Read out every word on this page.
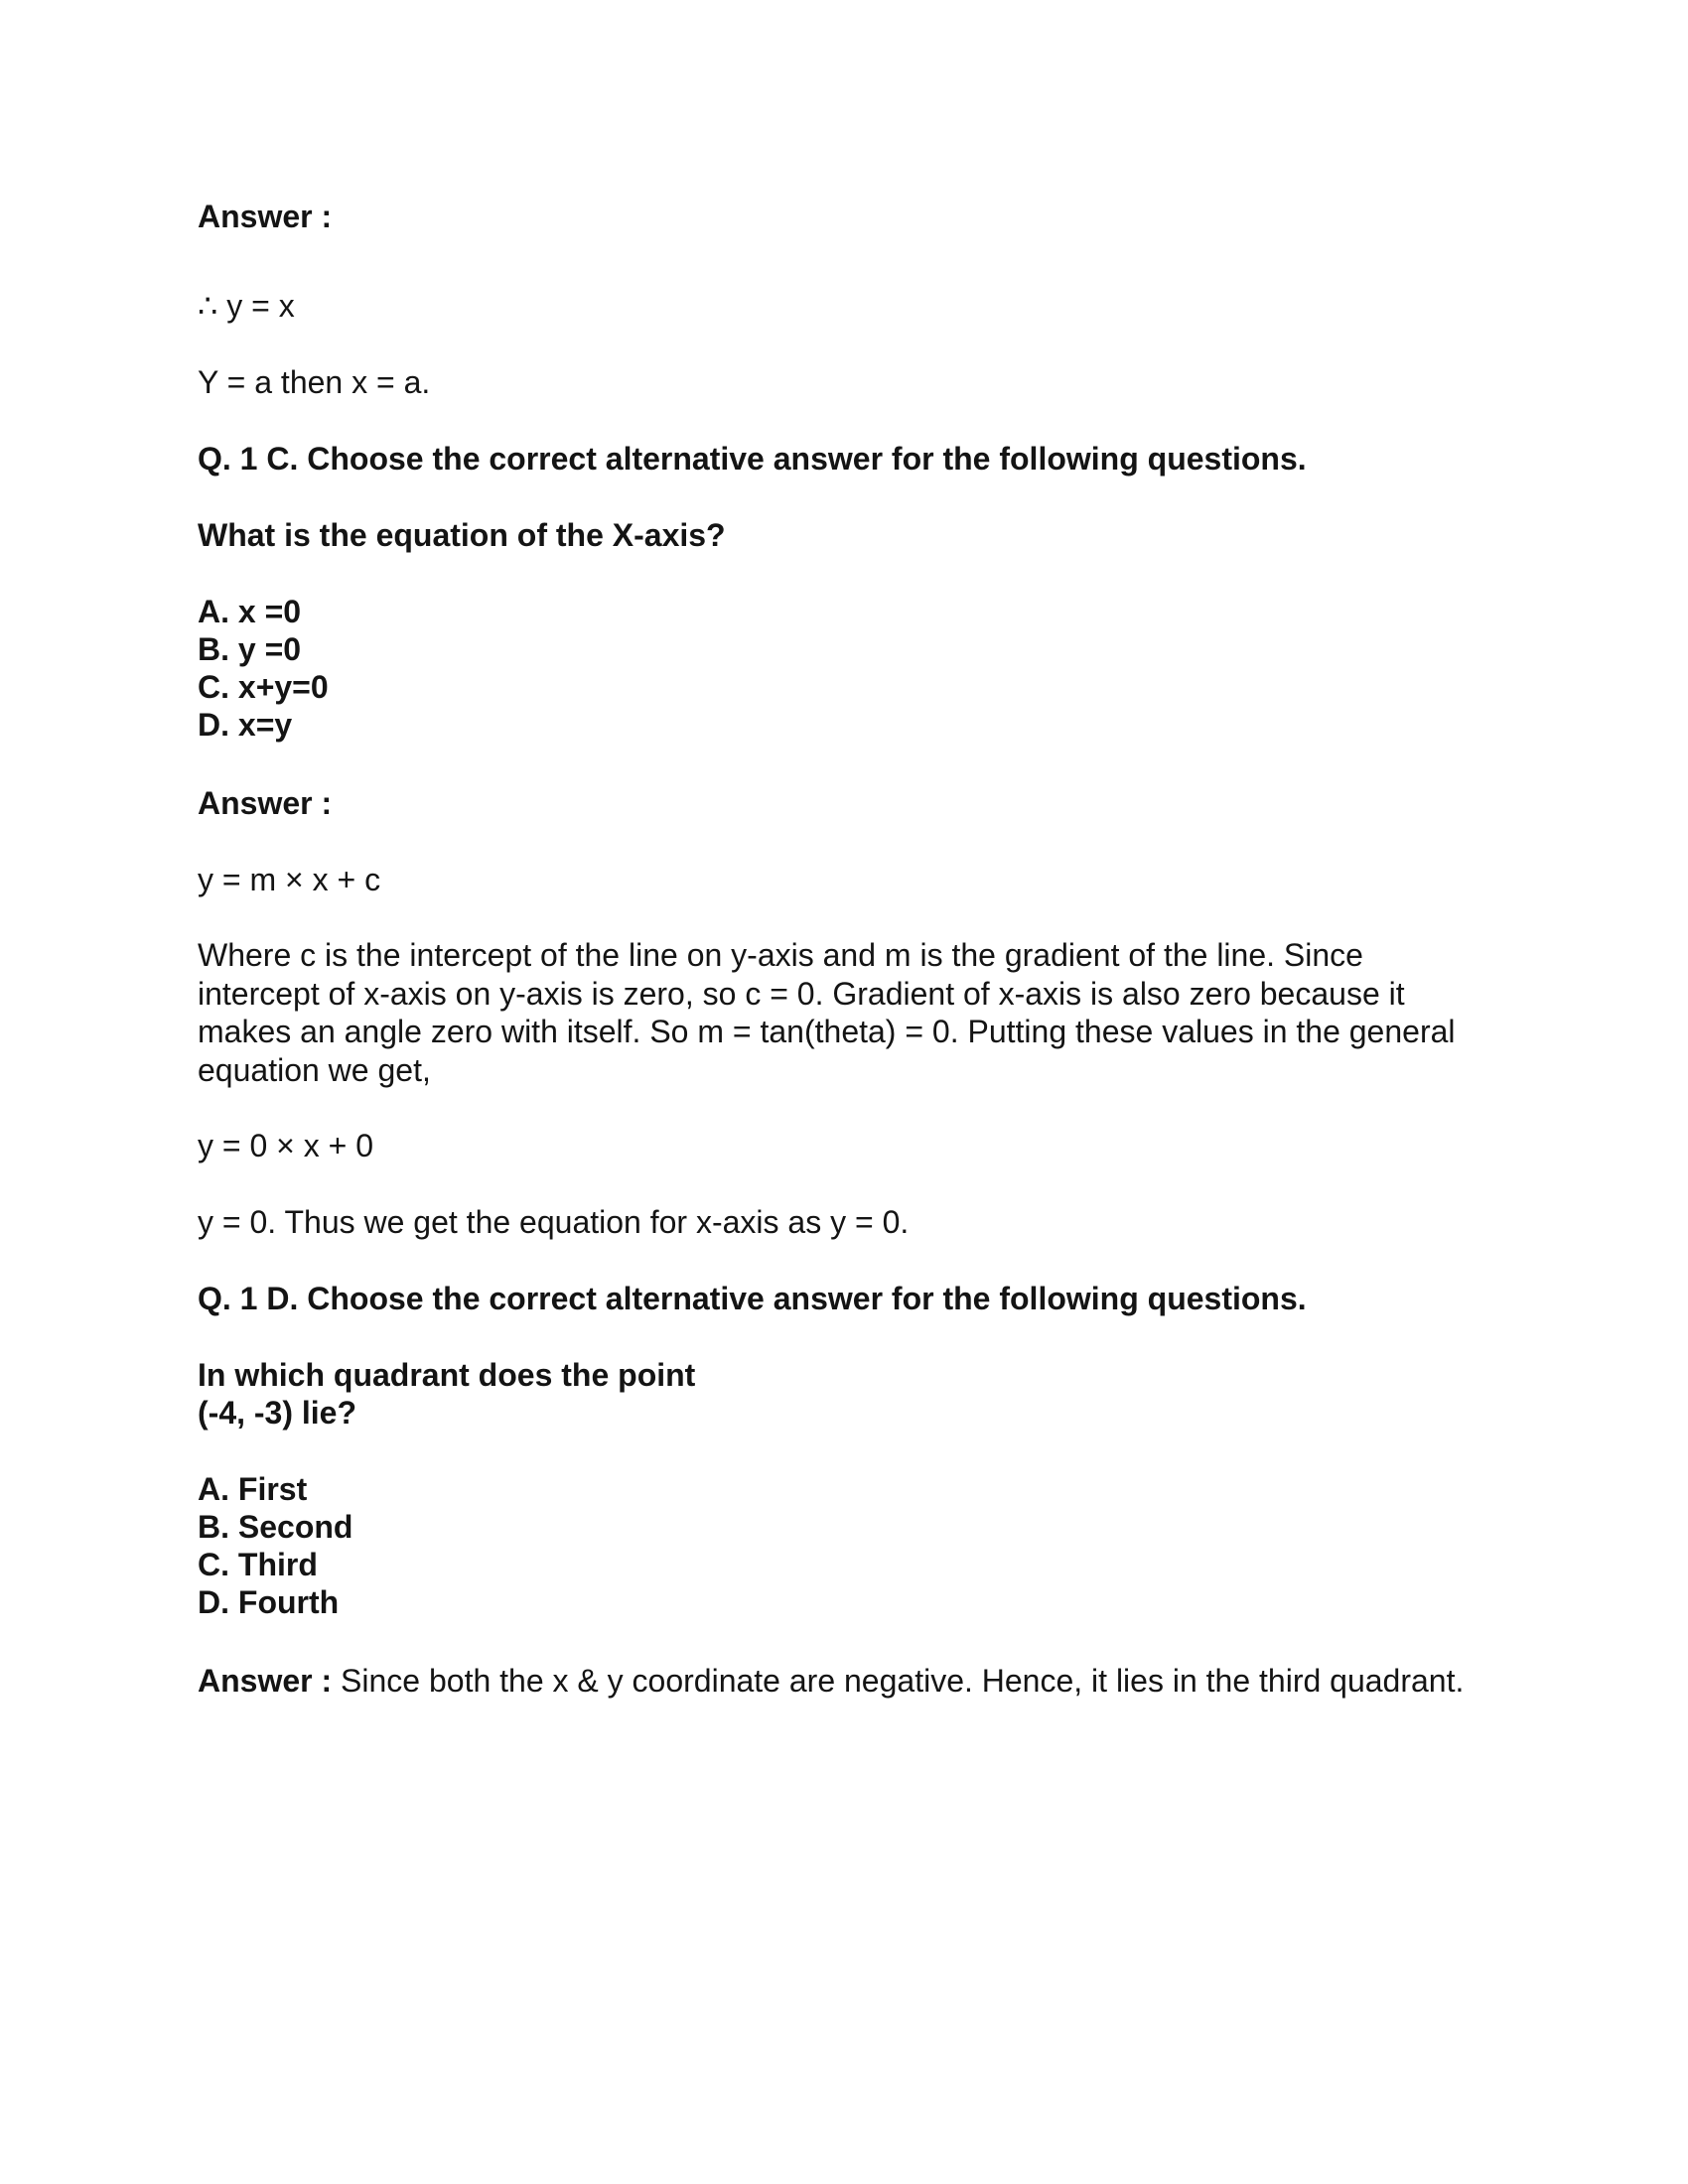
Answer :
∴ y = x
Y = a then x = a.
Q. 1 C. Choose the correct alternative answer for the following questions.
What is the equation of the X-axis?
A. x =0
B. y =0
C. x+y=0
D. x=y
Answer :
y = m × x + c
Where c is the intercept of the line on y-axis and m is the gradient of the line. Since intercept of x-axis on y-axis is zero, so c = 0. Gradient of x-axis is also zero because it makes an angle zero with itself. So m = tan(theta) = 0. Putting these values in the general equation we get,
y = 0 × x + 0
y = 0. Thus we get the equation for x-axis as y = 0.
Q. 1 D. Choose the correct alternative answer for the following questions.
In which quadrant does the point
(-4, -3) lie?
A. First
B. Second
C. Third
D. Fourth
Answer : Since both the x & y coordinate are negative. Hence, it lies in the third quadrant.
